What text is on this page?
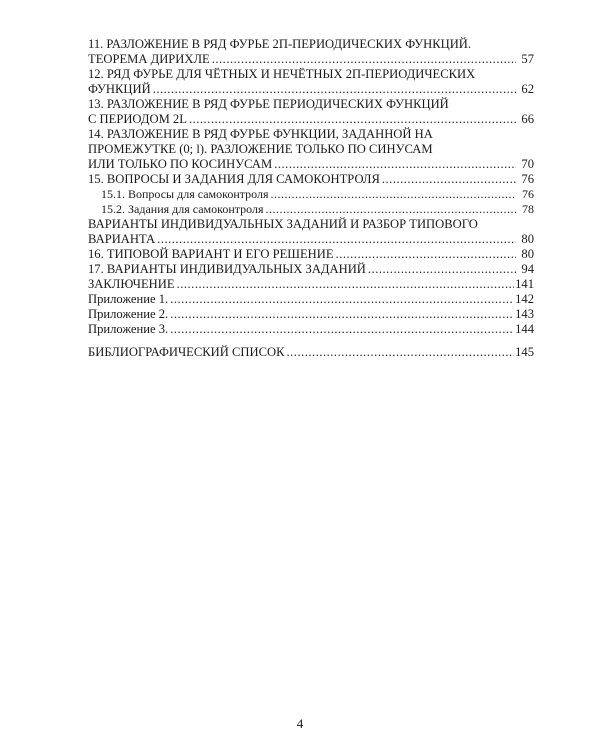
11. РАЗЛОЖЕНИЕ В РЯД ФУРЬЕ 2П-ПЕРИОДИЧЕСКИХ ФУНКЦИЙ.
ТЕОРЕМА ДИРИХЛЕ .....	57
12. РЯД ФУРЬЕ ДЛЯ ЧЁТНЫХ И НЕЧЁТНЫХ 2П-ПЕРИОДИЧЕСКИХ
ФУНКЦИЙ .....	62
13. РАЗЛОЖЕНИЕ В РЯД ФУРЬЕ ПЕРИОДИЧЕСКИХ ФУНКЦИЙ
С ПЕРИОДОМ 2L .....	66
14. РАЗЛОЖЕНИЕ В РЯД ФУРЬЕ ФУНКЦИИ, ЗАДАННОЙ НА
ПРОМЕЖУТКЕ (0; l). РАЗЛОЖЕНИЕ ТОЛЬКО ПО СИНУСАМ
ИЛИ ТОЛЬКО ПО КОСИНУСАМ .....	70
15. ВОПРОСЫ И ЗАДАНИЯ ДЛЯ САМОКОНТРОЛЯ .....	76
15.1. Вопросы для самоконтроля .....	76
15.2. Задания для самоконтроля .....	78
ВАРИАНТЫ ИНДИВИДУАЛЬНЫХ ЗАДАНИЙ И РАЗБОР ТИПОВОГО
ВАРИАНТА .....	80
16. ТИПОВОЙ ВАРИАНТ И ЕГО РЕШЕНИЕ .....	80
17. ВАРИАНТЫ ИНДИВИДУАЛЬНЫХ ЗАДАНИЙ .....	94
ЗАКЛЮЧЕНИЕ .....	141
Приложение 1. .....	142
Приложение 2. .....	143
Приложение 3. .....	144
БИБЛИОГРАФИЧЕСКИЙ СПИСОК .....	145
4
